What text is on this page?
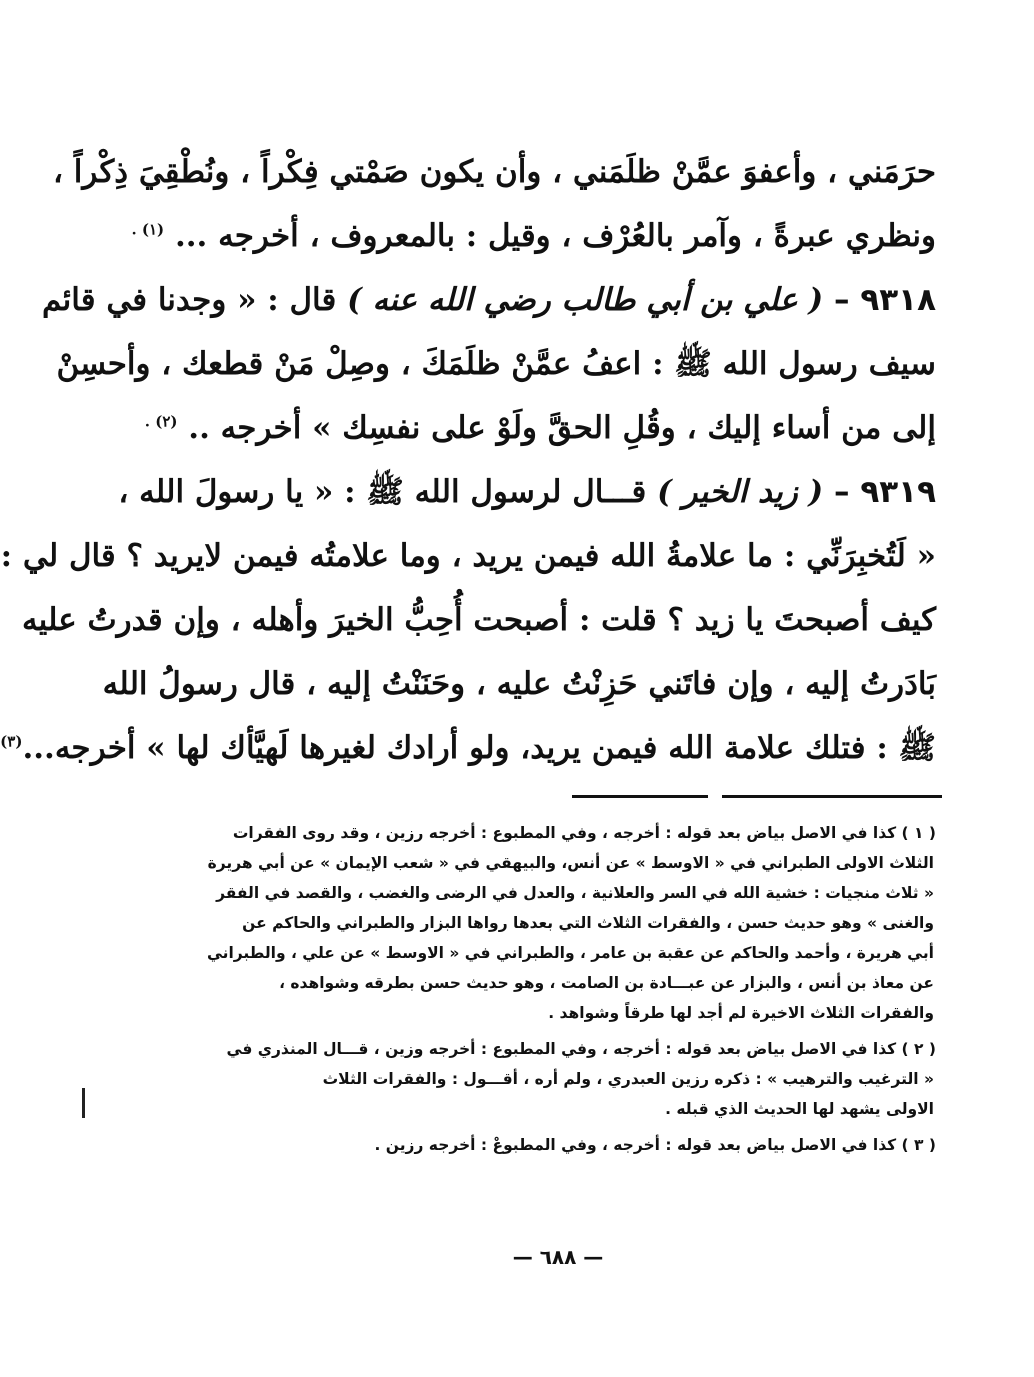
حرَمَني ، وأعفوَ عمَّنْ ظلَمَني ، وأن يكون صَمْتي فِكْراً ، ونُطْقِيَ ذِكْراً ،
ونظري عبرةً ، وآمر بالعُرْف ، وقيل : بالمعروف ، أخرجه ... $^{(١) .}$
٩٣١٨ – ( علي بن أبي طالب رضي الله عنه ) قال : « وجدنا في قائم
سيف رسول الله ﷺ : اعفُ عمَّنْ ظلَمَكَ ، وصِلْ مَنْ قطعك ، وأحسِنْ
إلى من أساء إليك ، وقُلِ الحقَّ ولَوْ على نفسِك » أخرجه .. $^{(٢) .}$
٩٣١٩ – ( زيد الخير ) قـــال لرسول الله ﷺ : « يا رسولَ الله ،
« لَتُخبِرَنِّي : ما علامةُ الله فيمن يريد ، وما علامتُه فيمن لايريد ؟ قال لي :
كيف أصبحتَ يا زيد ؟ قلت : أصبحت أُحِبُّ الخيرَ وأهله ، وإن قدرتُ عليه
بَادَرتُ إليه ، وإن فاتَني حَزِنْتُ عليه ، وحَنَنْتُ إليه ، قال رسولُ الله
ﷺ : فتلك علامة الله فيمن يريد، ولو أرادك لغيرها لَهيَّأك لها » أخرجه...$^{(٣)}$
( ١ ) كذا في الاصل بياض بعد قوله : أخرجه ، وفي المطبوع : أخرجه رزين ، وقد روى الفقرات
الثلاث الاولى الطبراني في « الاوسط » عن أنس، والبيهقي في « شعب الإيمان » عن أبي هريرة
« ثلاث منجيات : خشية الله في السر والعلانية ، والعدل في الرضى والغضب ، والقصد في الفقر
والغنى » وهو حديث حسن ، والفقرات الثلاث التي بعدها رواها البزار والطبراني والحاكم عن
أبي هريرة ، وأحمد والحاكم عن عقبة بن عامر ، والطبراني في « الاوسط » عن علي ، والطبراني
عن معاذ بن أنس ، والبزار عن عبـــادة بن الصامت ، وهو حديث حسن بطرقه وشواهده ،
والفقرات الثلاث الاخيرة لم أجد لها طرقاً وشواهد .
( ٢ ) كذا في الاصل بياض بعد قوله : أخرجه ، وفي المطبوع : أخرجه وزين ، قـــال المنذري في
« الترغيب والترهيب » : ذكره رزين العبدري ، ولم أره ، أقـــول : والفقرات الثلاث
الاولى يشهد لها الحديث الذي قبله .
( ٣ ) كذا في الاصل بياض بعد قوله : أخرجه ، وفي المطبوعْ : أخرجه رزين .
— ٦٨٨ —
